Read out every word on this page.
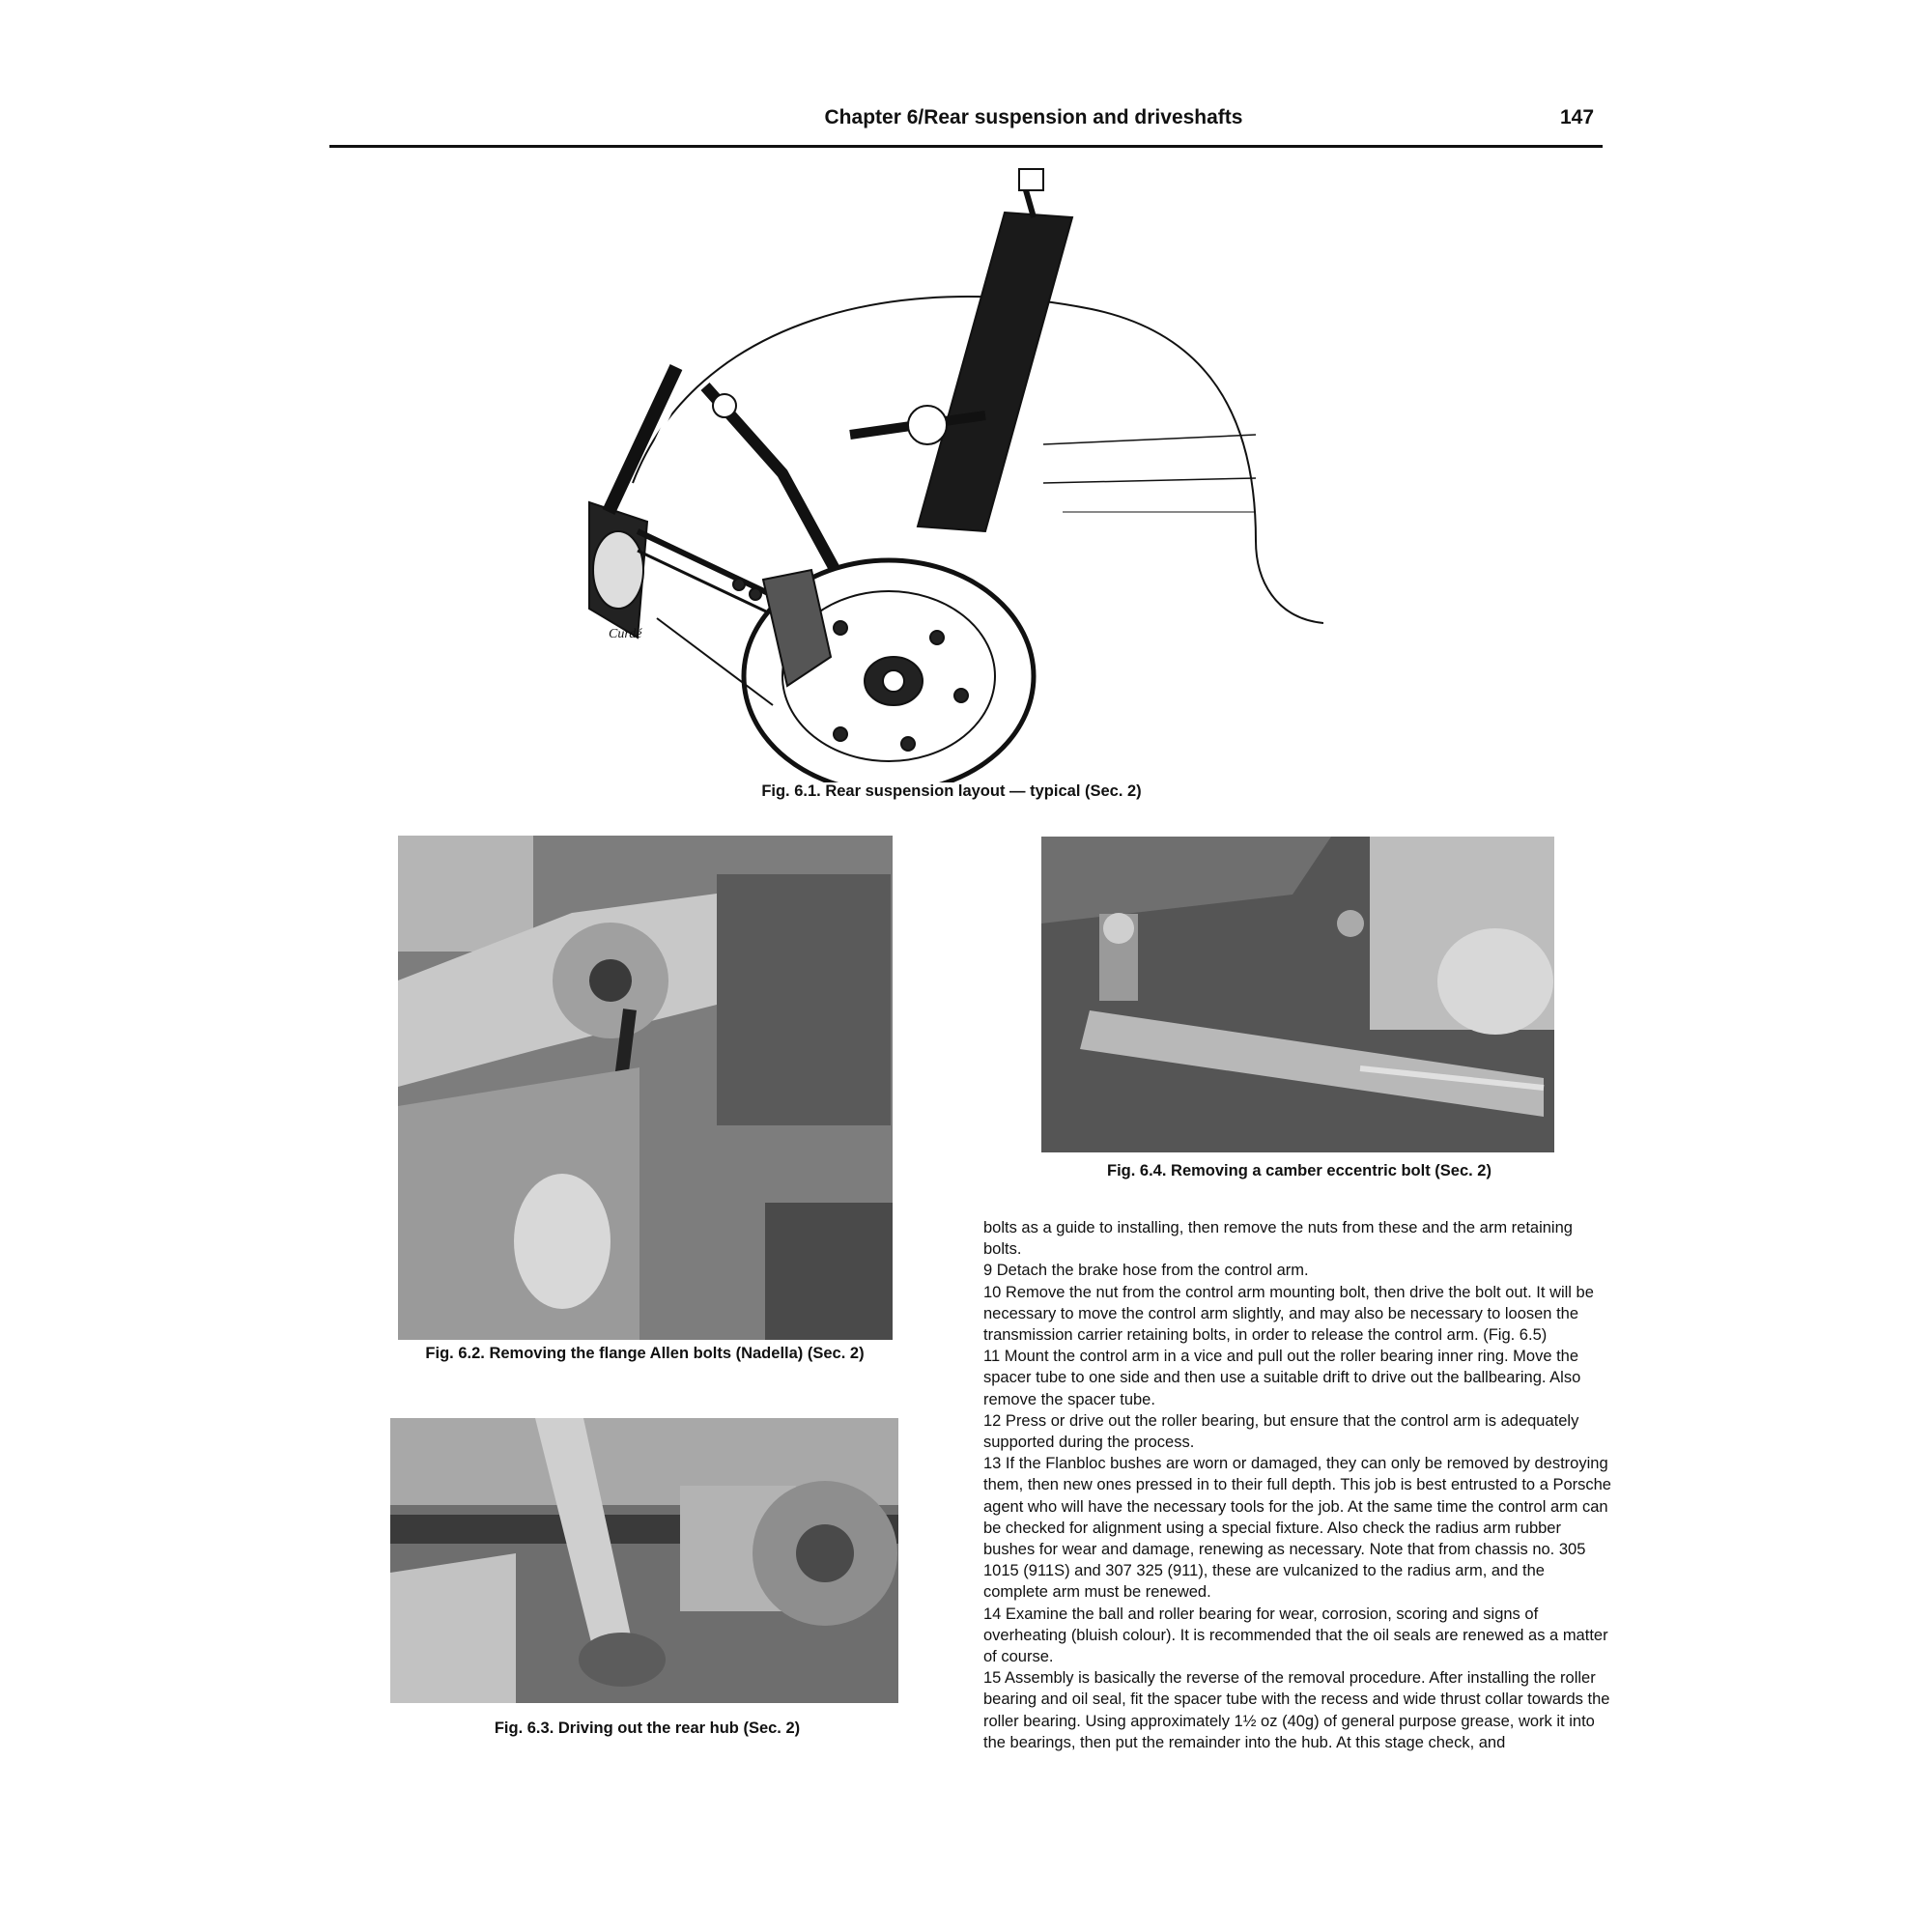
Chapter 6/Rear suspension and driveshafts	147
Curdé
Fig. 6.1. Rear suspension layout — typical (Sec. 2)
Fig. 6.2. Removing the flange Allen bolts (Nadella) (Sec. 2)
Fig. 6.3. Driving out the rear hub (Sec. 2)
Fig. 6.4. Removing a camber eccentric bolt (Sec. 2)

bolts as a guide to installing, then remove the nuts from these and the arm retaining bolts.

9 Detach the brake hose from the control arm.

10 Remove the nut from the control arm mounting bolt, then drive the bolt out. It will be necessary to move the control arm slightly, and may also be necessary to loosen the transmission carrier retaining bolts, in order to release the control arm. (Fig. 6.5)

11 Mount the control arm in a vice and pull out the roller bearing inner ring. Move the spacer tube to one side and then use a suitable drift to drive out the ballbearing. Also remove the spacer tube.

12 Press or drive out the roller bearing, but ensure that the control arm is adequately supported during the process.

13 If the Flanbloc bushes are worn or damaged, they can only be removed by destroying them, then new ones pressed in to their full depth. This job is best entrusted to a Porsche agent who will have the necessary tools for the job. At the same time the control arm can be checked for alignment using a special fixture. Also check the radius arm rubber bushes for wear and damage, renewing as necessary. Note that from chassis no. 305 1015 (911S) and 307 325 (911), these are vulcanized to the radius arm, and the complete arm must be renewed.

14 Examine the ball and roller bearing for wear, corrosion, scoring and signs of overheating (bluish colour). It is recommended that the oil seals are renewed as a matter of course.

15 Assembly is basically the reverse of the removal procedure. After installing the roller bearing and oil seal, fit the spacer tube with the recess and wide thrust collar towards the roller bearing. Using approximately 1½ oz (40g) of general purpose grease, work it into the bearings, then put the remainder into the hub. At this stage check, and
